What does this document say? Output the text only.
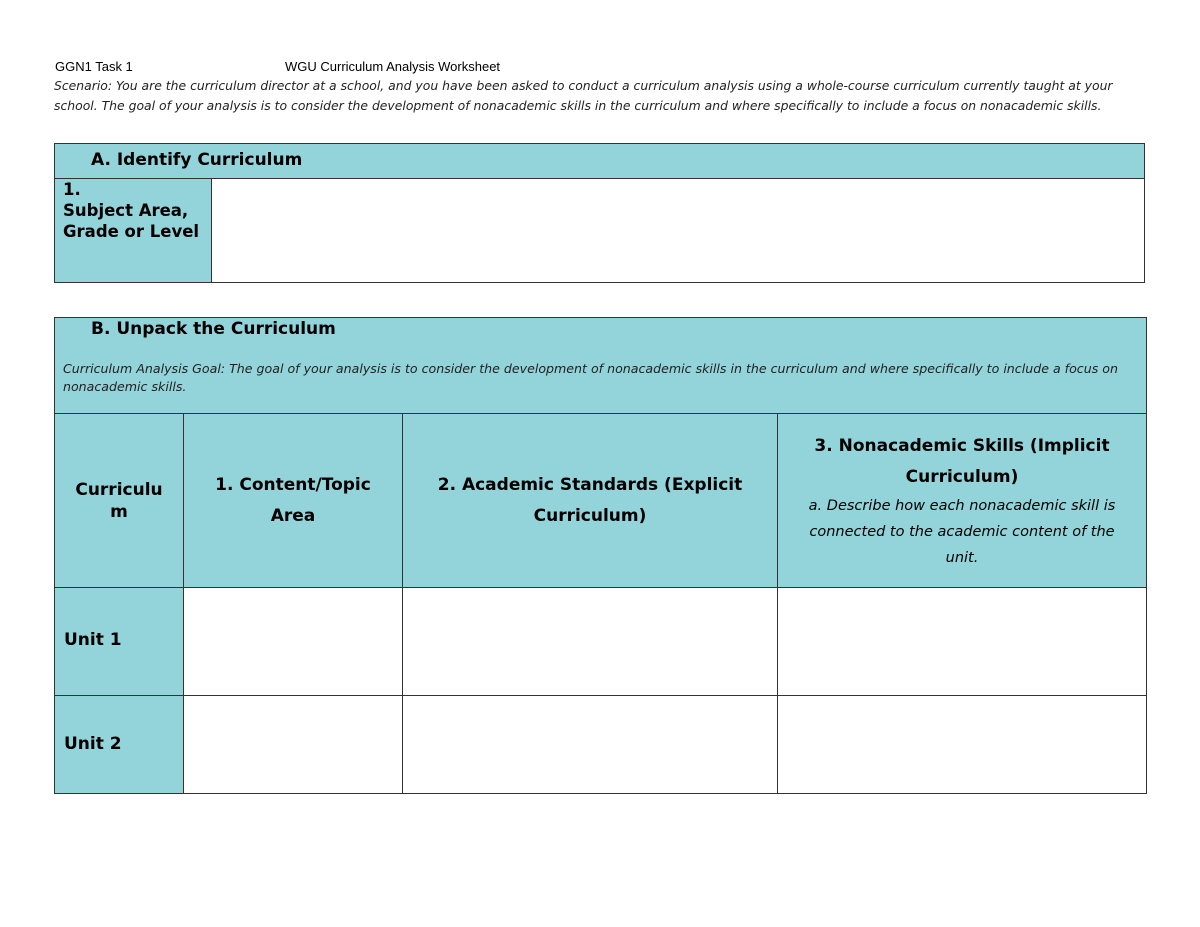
GGN1 Task 1	WGU Curriculum Analysis Worksheet
Scenario: You are the curriculum director at a school, and you have been asked to conduct a curriculum analysis using a whole-course curriculum currently taught at your school. The goal of your analysis is to consider the development of nonacademic skills in the curriculum and where specifically to include a focus on nonacademic skills.
A. Identify Curriculum
1.
Subject Area, Grade or Level
B. Unpack the Curriculum
Curriculum Analysis Goal: The goal of your analysis is to consider the development of nonacademic skills in the curriculum and where specifically to include a focus on nonacademic skills.
Curriculu m
1. Content/Topic Area
2. Academic Standards (Explicit Curriculum)
3. Nonacademic Skills (Implicit Curriculum)
a. Describe how each nonacademic skill is connected to the academic content of the unit.
Unit 1
Unit 2
